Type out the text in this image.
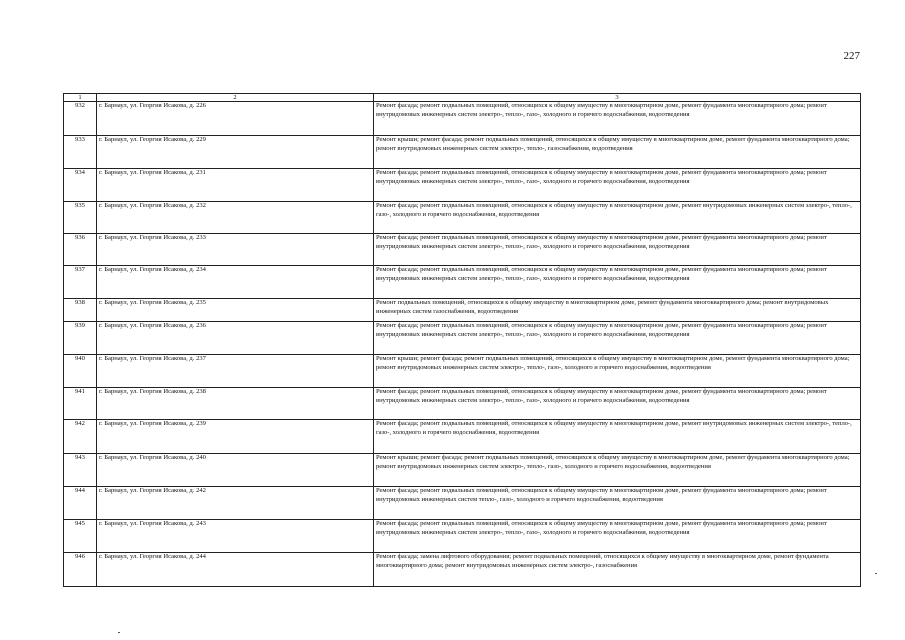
227
1	2	3
932	г. Барнаул, ул. Георгия Исакова, д. 226	Ремонт фасада; ремонт подвальных помещений, относящихся к общему имуществу в многоквартирном доме, ремонт фундамента многоквартирного дома; ремонт внутридомовых инженерных систем электро-, тепло-, газо-, холодного и горячего водоснабжения, водоотведения
933	г. Барнаул, ул. Георгия Исакова, д. 229	Ремонт крыши; ремонт фасада; ремонт подвальных помещений, относящихся к общему имуществу в многоквартирном доме, ремонт фундамента многоквартирного дома; ремонт внутридомовых инженерных систем электро-, тепло-, газоснабжения, водоотведения
934	г. Барнаул, ул. Георгия Исакова, д. 231	Ремонт фасада; ремонт подвальных помещений, относящихся к общему имуществу в многоквартирном доме, ремонт фундамента многоквартирного дома; ремонт внутридомовых инженерных систем электро-, тепло-, газо-, холодного и горячего водоснабжения, водоотведения
935	г. Барнаул, ул. Георгия Исакова, д. 232	Ремонт фасада; ремонт подвальных помещений, относящихся к общему имуществу в многоквартирном доме, ремонт внутридомовых инженерных систем электро-, тепло-, газо-, холодного и горячего водоснабжения, водоотведения
936	г. Барнаул, ул. Георгия Исакова, д. 233	Ремонт фасада; ремонт подвальных помещений, относящихся к общему имуществу в многоквартирном доме, ремонт фундамента многоквартирного дома; ремонт внутридомовых инженерных систем электро-, тепло-, газо-, холодного и горячего водоснабжения, водоотведения
937	г. Барнаул, ул. Георгия Исакова, д. 234	Ремонт фасада; ремонт подвальных помещений, относящихся к общему имуществу в многоквартирном доме, ремонт фундамента многоквартирного дома; ремонт внутридомовых инженерных систем электро-, тепло-, газо-, холодного и горячего водоснабжения, водоотведения
938	г. Барнаул, ул. Георгия Исакова, д. 235	Ремонт подвальных помещений, относящихся к общему имуществу в многоквартирном доме, ремонт фундамента многоквартирного дома; ремонт внутридомовых инженерных систем газоснабжения, водоотведения
939	г. Барнаул, ул. Георгия Исакова, д. 236	Ремонт фасада; ремонт подвальных помещений, относящихся к общему имуществу в многоквартирном доме, ремонт фундамента многоквартирного дома; ремонт внутридомовых инженерных систем электро-, тепло-, газо-, холодного и горячего водоснабжения, водоотведения
940	г. Барнаул, ул. Георгия Исакова, д. 237	Ремонт крыши; ремонт фасада; ремонт подвальных помещений, относящихся к общему имуществу в многоквартирном доме, ремонт фундамента многоквартирного дома; ремонт внутридомовых инженерных систем электро-, тепло-, газо-, холодного и горячего водоснабжения, водоотведения
941	г. Барнаул, ул. Георгия Исакова, д. 238	Ремонт фасада; ремонт подвальных помещений, относящихся к общему имуществу в многоквартирном доме, ремонт фундамента многоквартирного дома; ремонт внутридомовых инженерных систем электро-, тепло-, газо-, холодного и горячего водоснабжения, водоотведения
942	г. Барнаул, ул. Георгия Исакова, д. 239	Ремонт фасада; ремонт подвальных помещений, относящихся к общему имуществу в многоквартирном доме, ремонт внутридомовых инженерных систем электро-, тепло-, газо-, холодного и горячего водоснабжения, водоотведения
943	г. Барнаул, ул. Георгия Исакова, д. 240	Ремонт крыши; ремонт фасада; ремонт подвальных помещений, относящихся к общему имуществу в многоквартирном доме, ремонт фундамента многоквартирного дома; ремонт внутридомовых инженерных систем электро-, тепло-, газо-, холодного и горячего водоснабжения, водоотведения
944	г. Барнаул, ул. Георгия Исакова, д. 242	Ремонт фасада; ремонт подвальных помещений, относящихся к общему имуществу в многоквартирном доме, ремонт фундамента многоквартирного дома; ремонт внутридомовых инженерных систем тепло-, газо-, холодного и горячего водоснабжения, водоотведения
945	г. Барнаул, ул. Георгия Исакова, д. 243	Ремонт фасада; ремонт подвальных помещений, относящихся к общему имуществу в многоквартирном доме, ремонт фундамента многоквартирного дома; ремонт внутридомовых инженерных систем электро-, тепло-, газо-, холодного и горячего водоснабжения, водоотведения
946	г. Барнаул, ул. Георгия Исакова, д. 244	Ремонт фасада; замена лифтового оборудования; ремонт подвальных помещений, относящихся к общему имуществу в многоквартирном доме, ремонт фундамента многоквартирного дома; ремонт внутридомовых инженерных систем электро-, газоснабжения
